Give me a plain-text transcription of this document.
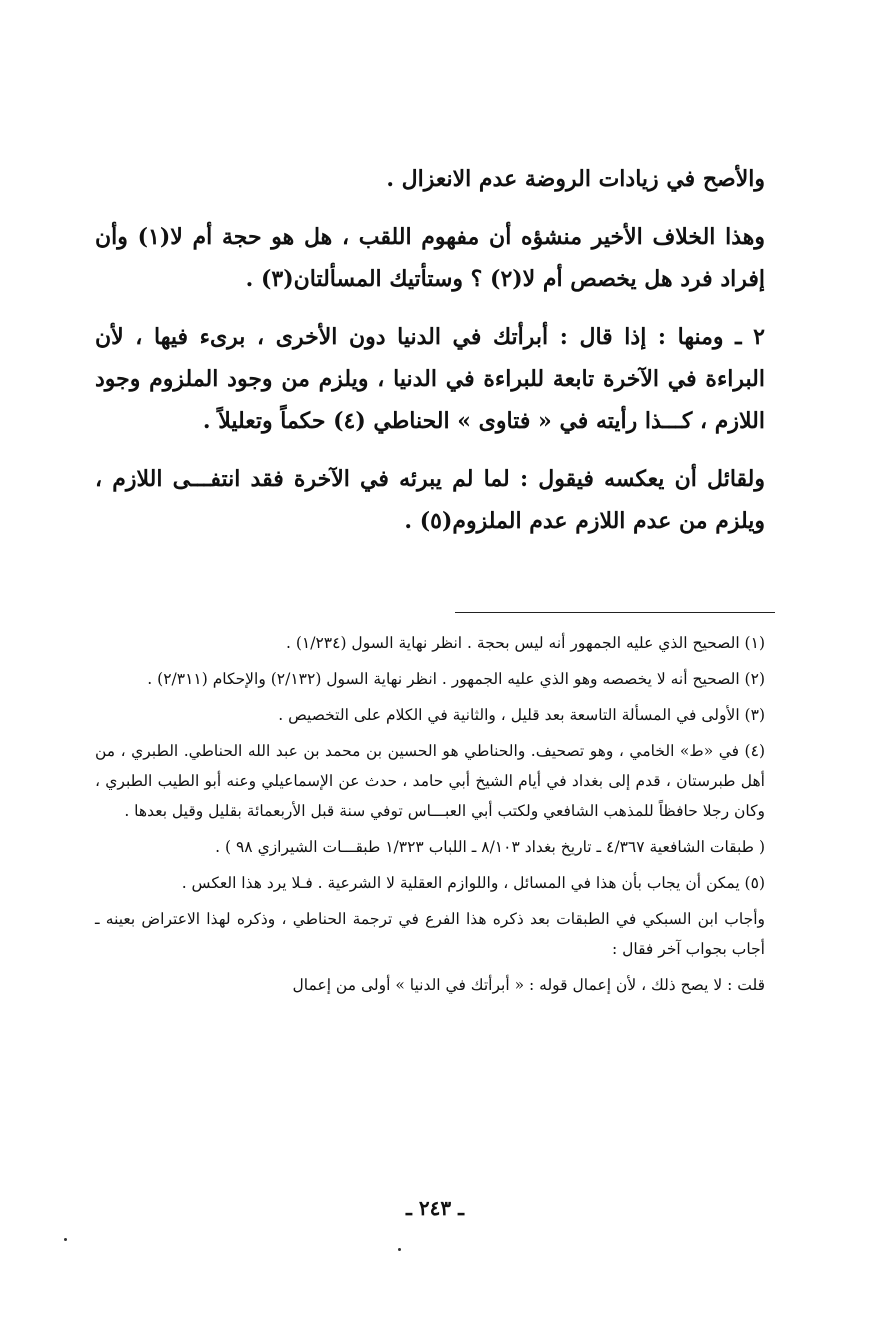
والأصح في زيادات الروضة عدم الانعزال .

وهذا الخلاف الأخير منشؤه أن مفهوم اللقب ، هل هو حجة أم لا(١) وأن إفراد فرد هل يخصص أم لا(٢) ؟ وستأتيك المسألتان(٣) .

٢ ـ ومنها : إذا قال : أبرأتك في الدنيا دون الأخرى ، برىء فيها ، لأن البراءة في الآخرة تابعة للبراءة في الدنيا ، ويلزم من وجود الملزوم وجود اللازم ، كـــذا رأيته في « فتاوى » الحناطي (٤) حكماً وتعليلاً .

ولقائل أن يعكسه فيقول : لما لم يبرئه في الآخرة فقد انتفـــى اللازم ، ويلزم من عدم اللازم عدم الملزوم(٥) .

(١) الصحيح الذي عليه الجمهور أنه ليس بحجة . انظر نهاية السول (١/٢٣٤) .

(٢) الصحيح أنه لا يخصصه وهو الذي عليه الجمهور . انظر نهاية السول (٢/١٣٢) والإحكام (٢/٣١١) .

(٣) الأولى في المسألة التاسعة بعد قليل ، والثانية في الكلام على التخصيص .

(٤) في «ط» الخامي ، وهو تصحيف. والحناطي هو الحسين بن محمد بن عبد الله الحناطي. الطبري ، من أهل طبرستان ، قدم إلى بغداد في أيام الشيخ أبي حامد ، حدث عن الإسماعيلي وعنه أبو الطيب الطبري ، وكان رجلا حافظاً للمذهب الشافعي ولكتب أبي العبـــاس توفي سنة قبل الأربعمائة بقليل وقيل بعدها .

( طبقات الشافعية ٤/٣٦٧ ـ تاريخ بغداد ٨/١٠٣ ـ اللباب ١/٣٢٣ طبقـــات الشيرازي ٩٨ ) .

(٥) يمكن أن يجاب بأن هذا في المسائل ، واللوازم العقلية لا الشرعية . فـلا يرد هذا العكس .

وأجاب ابن السبكي في الطبقات بعد ذكره هذا الفرع في ترجمة الحناطي ، وذكره لهذا الاعتراض بعينه ـ أجاب بجواب آخر فقال :

قلت : لا يصح ذلك ، لأن إعمال قوله : « أبرأتك في الدنيا » أولى من إعمال

ـ ٢٤٣ ـ
